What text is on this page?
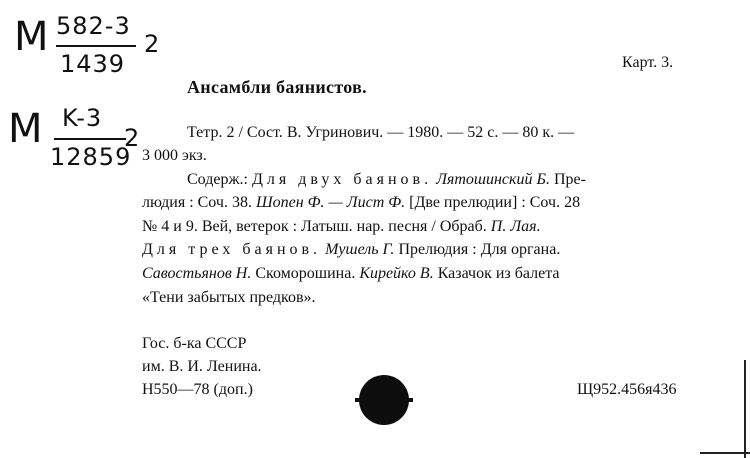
M 582-3
1439
2
M K-3
12859
2
Карт. 3.
Ансамбли баянистов.
Тетр. 2 / Сост. В. Угринович. — 1980. — 52 с. — 80 к. —
3 000 экз.
Содерж.: Для двух баянов. Лятошинский Б. Пре-
людия : Соч. 38. Шопен Ф. — Лист Ф. [Две прелюдии] : Соч. 28
№ 4 и 9. Вей, ветерок : Латыш. нар. песня / Обраб. П. Лая.
Для трех баянов. Мушель Г. Прелюдия : Для органа.
Савостьянов Н. Скоморошина. Кирейко В. Казачок из балета
«Тени забытых предков».
Гос. б-ка СССР
им. В. И. Ленина.
Н550—78 (доп.)	Щ952.456я436
